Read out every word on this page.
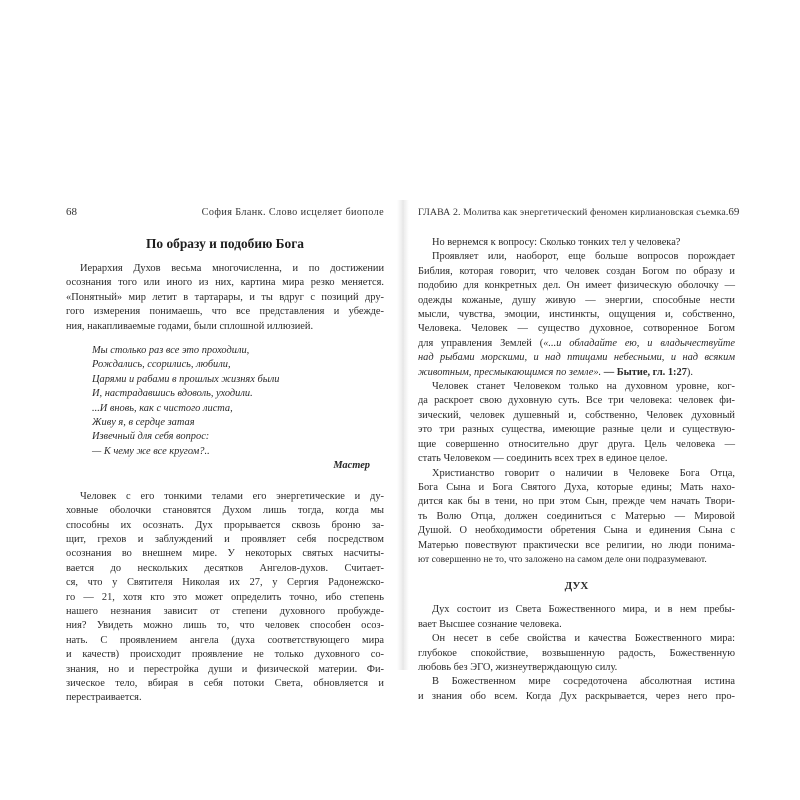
68	София Бланк. Слово исцеляет биополе
По образу и подобию Бога
Иерархия Духов весьма многочисленна, и по достижении
осознания того или иного из них, картина мира резко меняется.
«Понятный» мир летит в тартарары, и ты вдруг с позиций дру-
гого измерения понимаешь, что все представления и убежде-
ния, накапливаемые годами, были сплошной иллюзией.
Мы столько раз все это проходили,
Рождались, ссорились, любили,
Царями и рабами в прошлых жизнях были
И, настрадавшись вдоволь, уходили.
...И вновь, как с чистого листа,
Живу я, в сердце затая
Извечный для себя вопрос:
— К чему же все кругом?..
Мастер
Человек с его тонкими телами его энергетические и ду-
ховные оболочки становятся Духом лишь тогда, когда мы
способны их осознать. Дух прорывается сквозь броню за-
щит, грехов и заблуждений и проявляет себя посредством
осознания во внешнем мире. У некоторых святых насчиты-
вается до нескольких десятков Ангелов-духов. Считает-
ся, что у Святителя Николая их 27, у Сергия Радонежско-
го — 21, хотя кто это может определить точно, ибо степень
нашего незнания зависит от степени духовного пробужде-
ния? Увидеть можно лишь то, что человек способен осоз-
нать. С проявлением ангела (духа соответствующего мира
и качеств) происходит проявление не только духовного со-
знания, но и перестройка души и физической материи. Фи-
зическое тело, вбирая в себя потоки Света, обновляется и
перестраивается.
ГЛАВА 2. Молитва как энергетический феномен кирлиановская съемка. 69
Но вернемся к вопросу: Сколько тонких тел у человека?
Проявляет или, наоборот, еще больше вопросов порождает
Библия, которая говорит, что человек создан Богом по образу и
подобию для конкретных дел. Он имеет физическую оболочку —
одежды кожаные, душу живую — энергии, способные нести
мысли, чувства, эмоции, инстинкты, ощущения и, собственно,
Человека. Человек — существо духовное, сотворенное Богом
для управления Землей («...и обладайте ею, и владычествуйте
над рыбами морскими, и над птицами небесными, и над всяким
животным, пресмыкающимся по земле». — Бытие, гл. 1:27).
Человек станет Человеком только на духовном уровне, ког-
да раскроет свою духовную суть. Все три человека: человек фи-
зический, человек душевный и, собственно, Человек духовный
это три разных существа, имеющие разные цели и существую-
щие совершенно относительно друг друга. Цель человека —
стать Человеком — соединить всех трех в единое целое.
Христианство говорит о наличии в Человеке Бога Отца,
Бога Сына и Бога Святого Духа, которые едины; Мать нахо-
дится как бы в тени, но при этом Сын, прежде чем начать Твори-
ть Волю Отца, должен соединиться с Матерью — Мировой
Душой. О необходимости обретения Сына и единения Сына с
Матерью повествуют практически все религии, но люди понима-
ют совершенно не то, что заложено на самом деле они подразумевают.
ДУХ
Дух состоит из Света Божественного мира, и в нем пребы-
вает Высшее сознание человека.
Он несет в себе свойства и качества Божественного мира:
глубокое спокойствие, возвышенную радость, Божественную
любовь без ЭГО, жизнеутверждающую силу.
В Божественном мире сосредоточена абсолютная истина
и знания обо всем. Когда Дух раскрывается, через него про-
